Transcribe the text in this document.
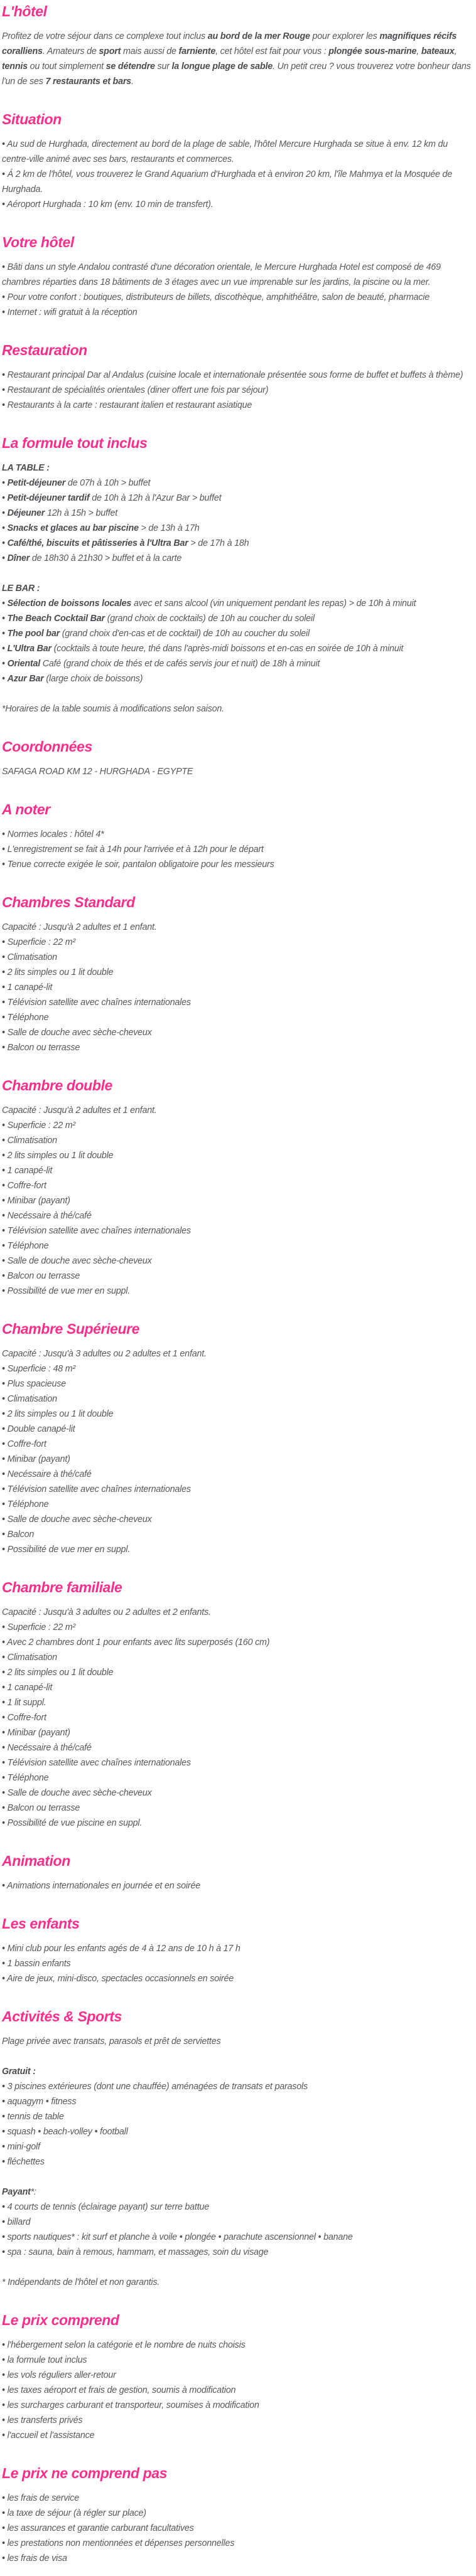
L'hôtel

Profitez de votre séjour dans ce complexe tout inclus au bord de la mer Rouge pour explorer les magnifiques récifs coralliens. Amateurs de sport mais aussi de farniente, cet hôtel est fait pour vous : plongée sous-marine, bateaux, tennis ou tout simplement se détendre sur la longue plage de sable. Un petit creu ? vous trouverez votre bonheur dans l'un de ses 7 restaurants et bars.

Situation
• Au sud de Hurghada, directement au bord de la plage de sable, l'hôtel Mercure Hurghada se situe à env. 12 km du centre-ville animé avec ses bars, restaurants et commerces.
• Á 2 km de l'hôtel, vous trouverez le Grand Aquarium d'Hurghada et à environ 20 km, l'île Mahmya et la Mosquée de Hurghada.
• Aéroport Hurghada : 10 km (env. 10 min de transfert).
Votre hôtel
• Bâti dans un style Andalou contrasté d'une décoration orientale, le Mercure Hurghada Hotel est composé de 469 chambres réparties dans 18 bâtiments de 3 étages avec un vue imprenable sur les jardins, la piscine ou la mer.
• Pour votre confort : boutiques, distributeurs de billets, discothèque, amphithéâtre, salon de beauté, pharmacie
• Internet : wifi gratuit à la réception
Restauration
• Restaurant principal Dar al Andalus (cuisine locale et internationale présentée sous forme de buffet et buffets à thème)
• Restaurant de spécialités orientales (diner offert une fois par séjour)
• Restaurants à la carte : restaurant italien et restaurant asiatique
La formule tout inclus

LA TABLE :

• Petit-déjeuner de 07h à 10h > buffet
• Petit-déjeuner tardif de 10h à 12h à l'Azur Bar > buffet
• Déjeuner 12h à 15h > buffet
• Snacks et glaces au bar piscine > de 13h à 17h
• Café/thé, biscuits et pâtisseries à l'Ultra Bar > de 17h à 18h
• Dîner de 18h30 à 21h30 > buffet et à la carte

LE BAR :

• Sélection de boissons locales avec et sans alcool (vin uniquement pendant les repas) > de 10h à minuit
• The Beach Cocktail Bar (grand choix de cocktails) de 10h au coucher du soleil
• The pool bar (grand choix d'en-cas et de cocktail) de 10h au coucher du soleil
• L'Ultra Bar (cocktails à toute heure, thé dans l'après-midi boissons et en-cas en soirée de 10h à minuit
• Oriental Café (grand choix de thés et de cafés servis jour et nuit) de 18h à minuit
• Azur Bar (large choix de boissons)

*Horaires de la table soumis à modifications selon saison.

Coordonnées

SAFAGA ROAD KM 12 - HURGHADA - EGYPTE

A noter
• Normes locales : hôtel 4*
• L'enregistrement se fait à 14h pour l'arrivée et à 12h pour le départ
• Tenue correcte exigée le soir, pantalon obligatoire pour les messieurs
Chambres Standard

Capacité : Jusqu'à 2 adultes et 1 enfant.

• Superficie : 22 m²
• Climatisation
• 2 lits simples ou 1 lit double
• 1 canapé-lit
• Télévision satellite avec chaînes internationales
• Téléphone
• Salle de douche avec sèche-cheveux
• Balcon ou terrasse
Chambre double

Capacité : Jusqu'à 2 adultes et 1 enfant.

• Superficie : 22 m²
• Climatisation
• 2 lits simples ou 1 lit double
• 1 canapé-lit
• Coffre-fort
• Minibar (payant)
• Necéssaire à thé/café
• Télévision satellite avec chaînes internationales
• Téléphone
• Salle de douche avec sèche-cheveux
• Balcon ou terrasse
• Possibilité de vue mer en suppl.
Chambre Supérieure

Capacité : Jusqu'à 3 adultes ou 2 adultes et 1 enfant.

• Superficie : 48 m²
• Plus spacieuse
• Climatisation
• 2 lits simples ou 1 lit double
• Double canapé-lit
• Coffre-fort
• Minibar (payant)
• Necéssaire à thé/café
• Télévision satellite avec chaînes internationales
• Téléphone
• Salle de douche avec sèche-cheveux
• Balcon
• Possibilité de vue mer en suppl.
Chambre familiale

Capacité : Jusqu'à 3 adultes ou 2 adultes et 2 enfants.

• Superficie : 22 m²
• Avec 2 chambres dont 1 pour enfants avec lits superposés (160 cm)
• Climatisation
• 2 lits simples ou 1 lit double
• 1 canapé-lit
• 1 lit suppl.
• Coffre-fort
• Minibar (payant)
• Necéssaire à thé/café
• Télévision satellite avec chaînes internationales
• Téléphone
• Salle de douche avec sèche-cheveux
• Balcon ou terrasse
• Possibilité de vue piscine en suppl.
Animation
• Animations internationales en journée et en soirée
Les enfants
• Mini club pour les enfants agés de 4 à 12 ans de 10 h à 17 h
• 1 bassin enfants
• Aire de jeux, mini-disco, spectacles occasionnels en soirée
Activités & Sports

Plage privée avec transats, parasols et prêt de serviettes

Gratuit :

• 3 piscines extérieures (dont une chauffée) aménagées de transats et parasols
• aquagym • fitness
• tennis de table
• squash • beach-volley • football
• mini-golf
• fléchettes

Payant*:

• 4 courts de tennis (éclairage payant) sur terre battue
• billard
• sports nautiques* : kit surf et planche à voile • plongée • parachute ascensionnel • banane
• spa : sauna, bain à remous, hammam, et massages, soin du visage

* Indépendants de l'hôtel et non garantis.

Le prix comprend
• l'hébergement selon la catégorie et le nombre de nuits choisis
• la formule tout inclus
• les vols réguliers aller-retour
• les taxes aéroport et frais de gestion, soumis à modification
• les surcharges carburant et transporteur, soumises à modification
• les transferts privés
• l'accueil et l'assistance
Le prix ne comprend pas
• les frais de service
• la taxe de séjour (à régler sur place)
• les assurances et garantie carburant facultatives
• les prestations non mentionnées et dépenses personnelles
• les frais de visa
